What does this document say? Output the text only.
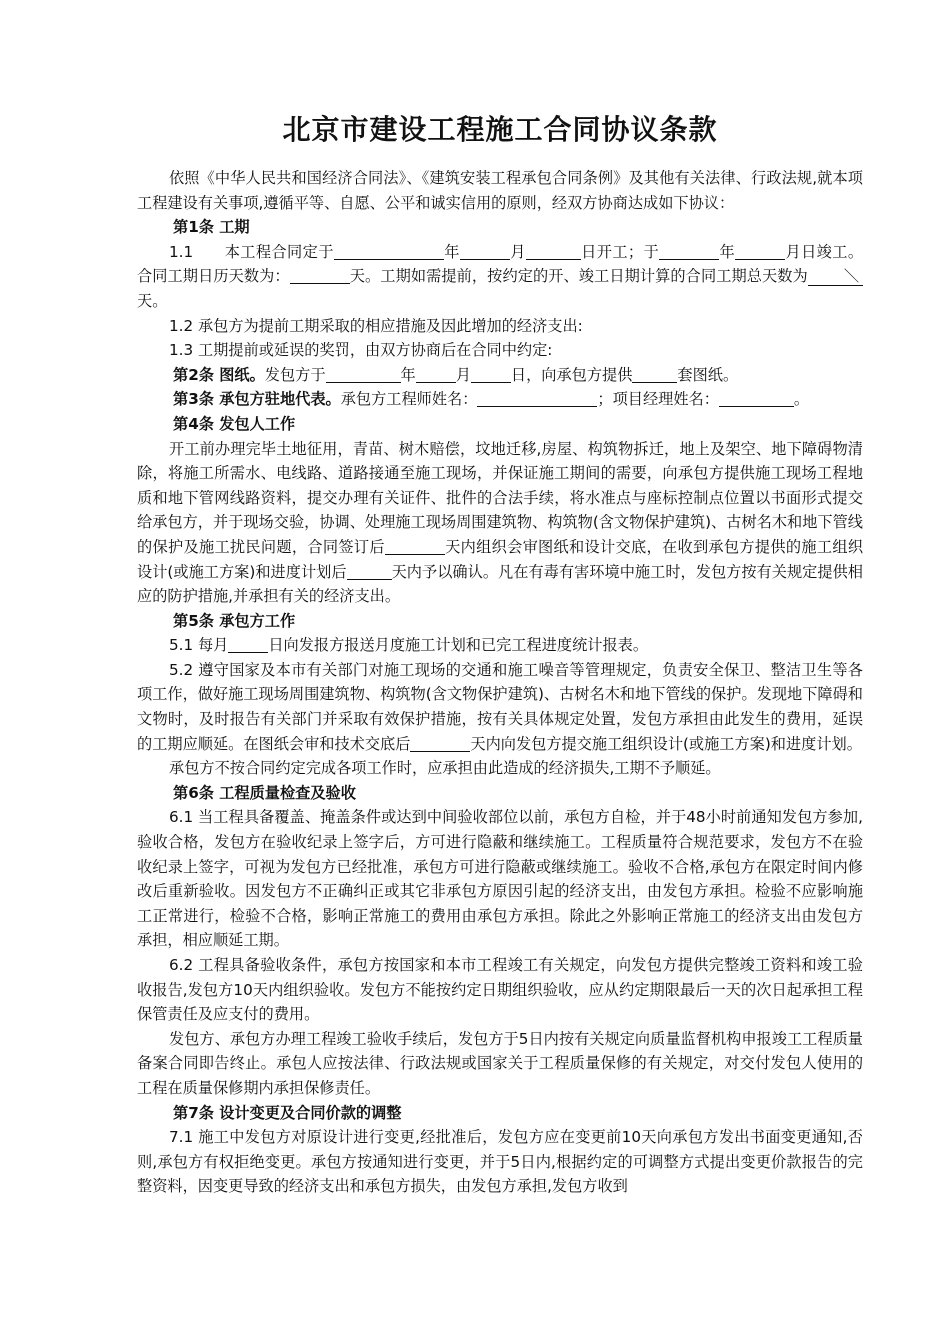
北京市建设工程施工合同协议条款

依照《中华人民共和国经济合同法》、《建筑安装工程承包合同条例》及其他有关法律、行政法规,就本项工程建设有关事项,遵循平等、自愿、公平和诚实信用的原则，经双方协商达成如下协议：

第1条 工期

1.1　　本工程合同定于	年	月	日开工；于	年	月日竣工。合同工期日历天数为：	天。工期如需提前，按约定的开、竣工日期计算的合同工期总天数为 ＼天。

1.2 承包方为提前工期采取的相应措施及因此增加的经济支出:

1.3 工期提前或延误的奖罚，由双方协商后在合同中约定:

第2条 图纸。发包方于	年	月	日，向承包方提供	套图纸。

第3条 承包方驻地代表。承包方工程师姓名：	；项目经理姓名：	。

第4条 发包人工作

开工前办理完毕土地征用，青苗、树木赔偿，坟地迁移,房屋、构筑物拆迁，地上及架空、地下障碍物清除，将施工所需水、电线路、道路接通至施工现场，并保证施工期间的需要，向承包方提供施工现场工程地质和地下管网线路资料，提交办理有关证件、批件的合法手续，将水准点与座标控制点位置以书面形式提交给承包方，并于现场交验，协调、处理施工现场周围建筑物、构筑物(含文物保护建筑)、古树名木和地下管线的保护及施工扰民问题，合同签订后	天内组织会审图纸和设计交底，在收到承包方提供的施工组织设计(或施工方案)和进度计划后	天内予以确认。凡在有毒有害环境中施工时，发包方按有关规定提供相应的防护措施,并承担有关的经济支出。

第5条 承包方工作

5.1 每月	日向发报方报送月度施工计划和已完工程进度统计报表。

5.2 遵守国家及本市有关部门对施工现场的交通和施工噪音等管理规定，负责安全保卫、整洁卫生等各项工作，做好施工现场周围建筑物、构筑物(含文物保护建筑)、古树名木和地下管线的保护。发现地下障碍和文物时，及时报告有关部门并采取有效保护措施，按有关具体规定处置，发包方承担由此发生的费用，延误的工期应顺延。在图纸会审和技术交底后	天内向发包方提交施工组织设计(或施工方案)和进度计划。

承包方不按合同约定完成各项工作时，应承担由此造成的经济损失,工期不予顺延。

第6条 工程质量检查及验收

6.1 当工程具备覆盖、掩盖条件或达到中间验收部位以前，承包方自检，并于48小时前通知发包方参加,验收合格，发包方在验收纪录上签字后，方可进行隐蔽和继续施工。工程质量符合规范要求，发包方不在验收纪录上签字，可视为发包方已经批准，承包方可进行隐蔽或继续施工。验收不合格,承包方在限定时间内修改后重新验收。因发包方不正确纠正或其它非承包方原因引起的经济支出，由发包方承担。检验不应影响施工正常进行，检验不合格，影响正常施工的费用由承包方承担。除此之外影响正常施工的经济支出由发包方承担，相应顺延工期。

6.2 工程具备验收条件，承包方按国家和本市工程竣工有关规定，向发包方提供完整竣工资料和竣工验收报告,发包方10天内组织验收。发包方不能按约定日期组织验收，应从约定期限最后一天的次日起承担工程保管责任及应支付的费用。

发包方、承包方办理工程竣工验收手续后，发包方于5日内按有关规定向质量监督机构申报竣工工程质量备案合同即告终止。承包人应按法律、行政法规或国家关于工程质量保修的有关规定，对交付发包人使用的工程在质量保修期内承担保修责任。

第7条 设计变更及合同价款的调整

7.1 施工中发包方对原设计进行变更,经批准后，发包方应在变更前10天向承包方发出书面变更通知,否则,承包方有权拒绝变更。承包方按通知进行变更，并于5日内,根据约定的可调整方式提出变更价款报告的完整资料，因变更导致的经济支出和承包方损失，由发包方承担,发包方收到
